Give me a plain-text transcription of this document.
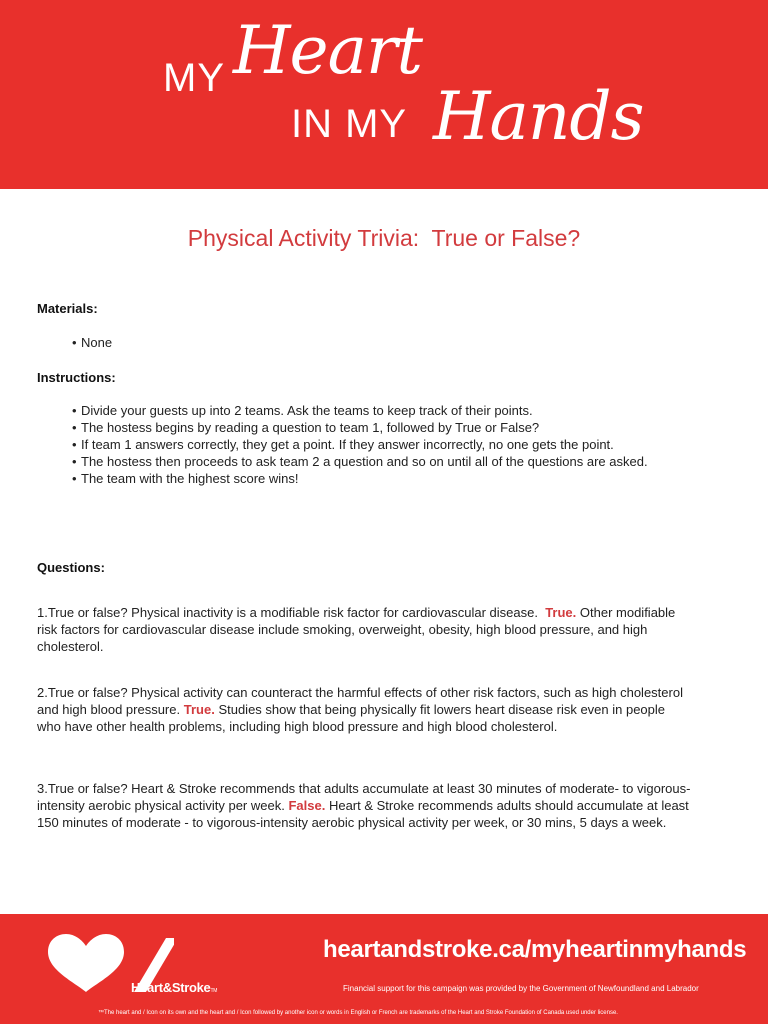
MY Heart
IN MY Hands
Physical Activity Trivia:  True or False?
Materials:
• None
Instructions:
• Divide your guests up into 2 teams. Ask the teams to keep track of their points.
• The hostess begins by reading a question to team 1, followed by True or False?
• If team 1 answers correctly, they get a point. If they answer incorrectly, no one gets the point.
• The hostess then proceeds to ask team 2 a question and so on until all of the questions are asked.
• The team with the highest score wins!
Questions:

1.True or false? Physical inactivity is a modifiable risk factor for cardiovascular disease. True. Other modifiable risk factors for cardiovascular disease include smoking, overweight, obesity, high blood pressure, and high cholesterol.

2.True or false? Physical activity can counteract the harmful effects of other risk factors, such as high cholesterol and high blood pressure. True. Studies show that being physically fit lowers heart disease risk even in people who have other health problems, including high blood pressure and high blood cholesterol.

3.True or false? Heart & Stroke recommends that adults accumulate at least 30 minutes of moderate- to vigorous-intensity aerobic physical activity per week. False. Heart & Stroke recommends adults should accumulate at least 150 minutes of moderate - to vigorous-intensity aerobic physical activity per week, or 30 mins, 5 days a week.

Heart&StrokeTM
heartandstroke.ca/myheartinmyhands
Financial support for this campaign was provided by the Government of Newfoundland and Labrador
™The heart and / Icon on its own and the heart and / Icon followed by another icon or words in English or French are trademarks of the Heart and Stroke Foundation of Canada used under license.
